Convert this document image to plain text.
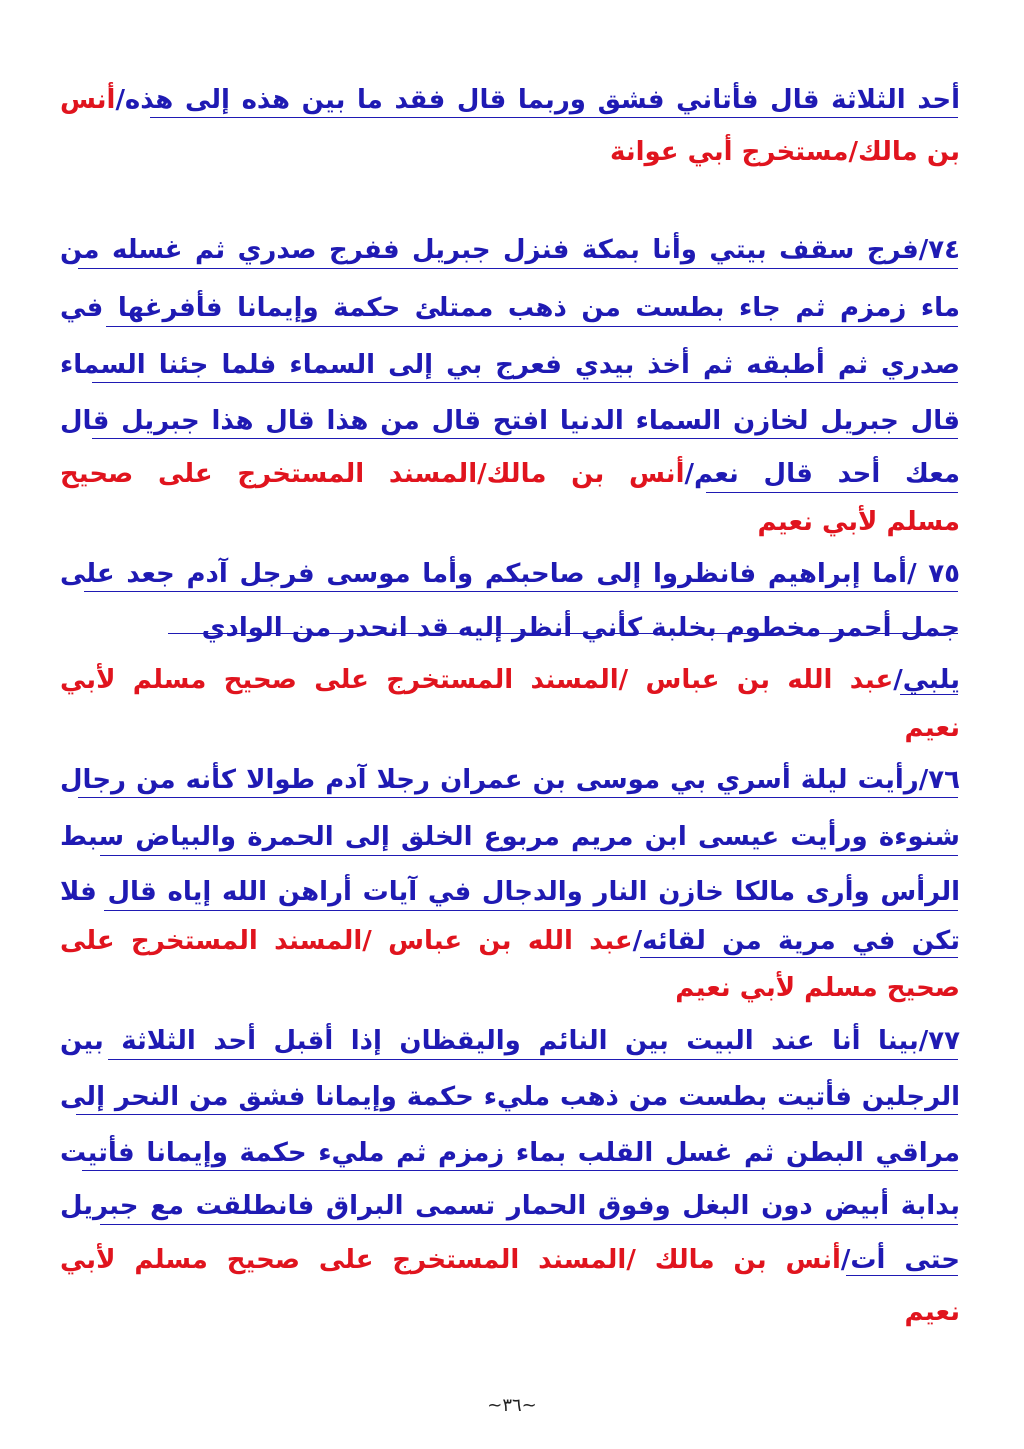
أحد الثلاثة قال فأتاني فشق وربما قال فقد ما بين هذه إلى هذه/أنس
بن مالك/مستخرج أبي عوانة
٧٤/فرج سقف بيتي وأنا بمكة فنزل جبريل ففرج صدري ثم غسله من
ماء زمزم ثم جاء بطست من ذهب ممتلئ حكمة وإيمانا فأفرغها في
صدري ثم أطبقه ثم أخذ بيدي فعرج بي إلى السماء فلما جئنا السماء
قال جبريل لخازن السماء الدنيا افتح قال من هذا قال هذا جبريل قال
معك أحد قال نعم/أنس بن مالك/المسند المستخرج على صحيح
مسلم لأبي نعيم
٧٥ /أما إبراهيم فانظروا إلى صاحبكم وأما موسى فرجل آدم جعد على
جمل أحمر مخطوم بخلبة كأني أنظر إليه قد انحدر من الوادي
يلبي/عبد الله بن عباس /المسند المستخرج على صحيح مسلم لأبي
نعيم
٧٦/رأيت ليلة أسري بي موسى بن عمران رجلا آدم طوالا كأنه من رجال
شنوءة ورأيت عيسى ابن مريم مربوع الخلق إلى الحمرة والبياض سبط
الرأس وأرى مالكا خازن النار والدجال في آيات أراهن الله إياه قال فلا
تكن في مرية من لقائه/عبد الله بن عباس /المسند المستخرج على
صحيح مسلم لأبي نعيم
٧٧/بينا أنا عند البيت بين النائم واليقظان إذا أقبل أحد الثلاثة بين
الرجلين فأتيت بطست من ذهب مليء حكمة وإيمانا فشق من النحر إلى
مراقي البطن ثم غسل القلب بماء زمزم ثم مليء حكمة وإيمانا فأتيت
بدابة أبيض دون البغل وفوق الحمار تسمى البراق فانطلقت مع جبريل
حتى أت/أنس بن مالك /المسند المستخرج على صحيح مسلم لأبي
نعيم
~٣٦~
